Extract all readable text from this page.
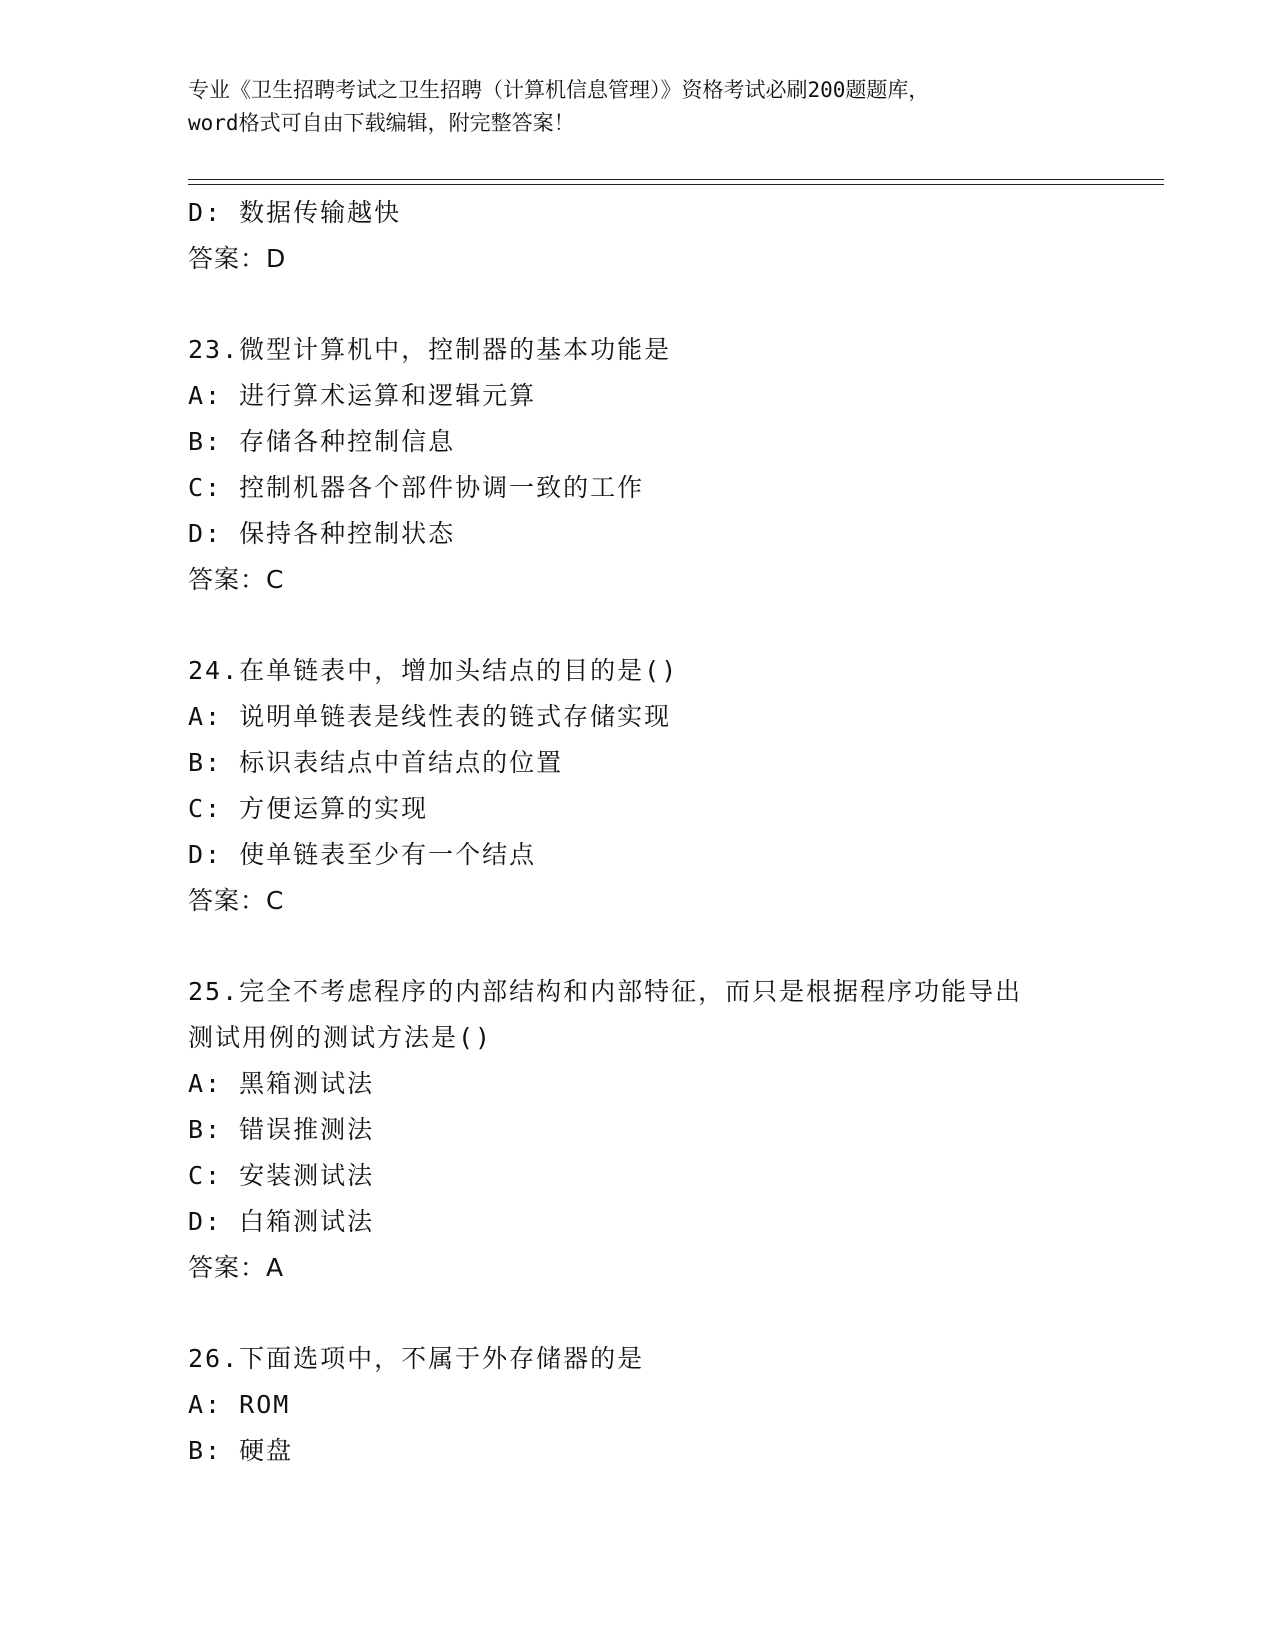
专业《卫生招聘考试之卫生招聘（计算机信息管理）》资格考试必刷200题题库，
word格式可自由下载编辑，附完整答案！
D: 数据传输越快
答案：D
23.微型计算机中，控制器的基本功能是
A: 进行算术运算和逻辑元算
B: 存储各种控制信息
C: 控制机器各个部件协调一致的工作
D: 保持各种控制状态
答案：C
24.在单链表中，增加头结点的目的是()
A: 说明单链表是线性表的链式存储实现
B: 标识表结点中首结点的位置
C: 方便运算的实现
D: 使单链表至少有一个结点
答案：C
25.完全不考虑程序的内部结构和内部特征，而只是根据程序功能导出
测试用例的测试方法是()
A: 黑箱测试法
B: 错误推测法
C: 安装测试法
D: 白箱测试法
答案：A
26.下面选项中，不属于外存储器的是
A: ROM
B: 硬盘
